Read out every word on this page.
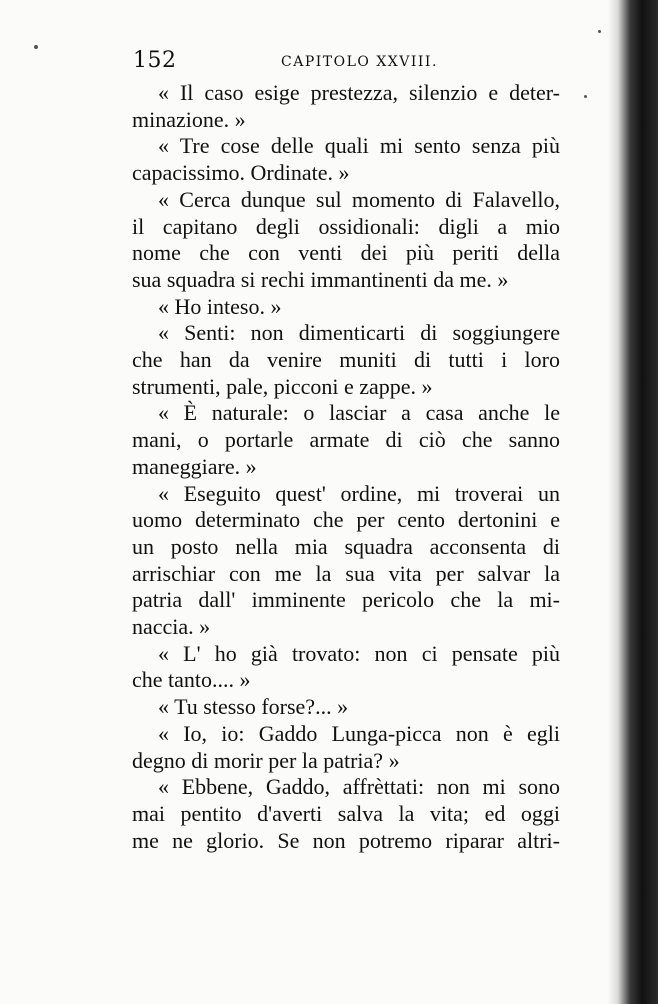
152	CAPITOLO XXVIII.
« Il caso esige prestezza, silenzio e deter-
minazione. »
« Tre cose delle quali mi sento senza più
capacissimo. Ordinate. »
« Cerca dunque sul momento di Falavello,
il capitano degli ossidionali: digli a mio
nome che con venti dei più periti della
sua squadra si rechi immantinenti da me. »
« Ho inteso. »
« Senti: non dimenticarti di soggiungere
che han da venire muniti di tutti i loro
strumenti, pale, picconi e zappe. »
« È naturale: o lasciar a casa anche le
mani, o portarle armate di ciò che sanno
maneggiare. »
« Eseguito quest' ordine, mi troverai un
uomo determinato che per cento dertonini e
un posto nella mia squadra acconsenta di
arrischiar con me la sua vita per salvar la
patria dall' imminente pericolo che la mi-
naccia. »
« L' ho già trovato: non ci pensate più
che tanto.... »
« Tu stesso forse?... »
« Io, io: Gaddo Lunga-picca non è egli
degno di morir per la patria? »
« Ebbene, Gaddo, affrèttati: non mi sono
mai pentito d'averti salva la vita; ed oggi
me ne glorio. Se non potremo riparar altri-
